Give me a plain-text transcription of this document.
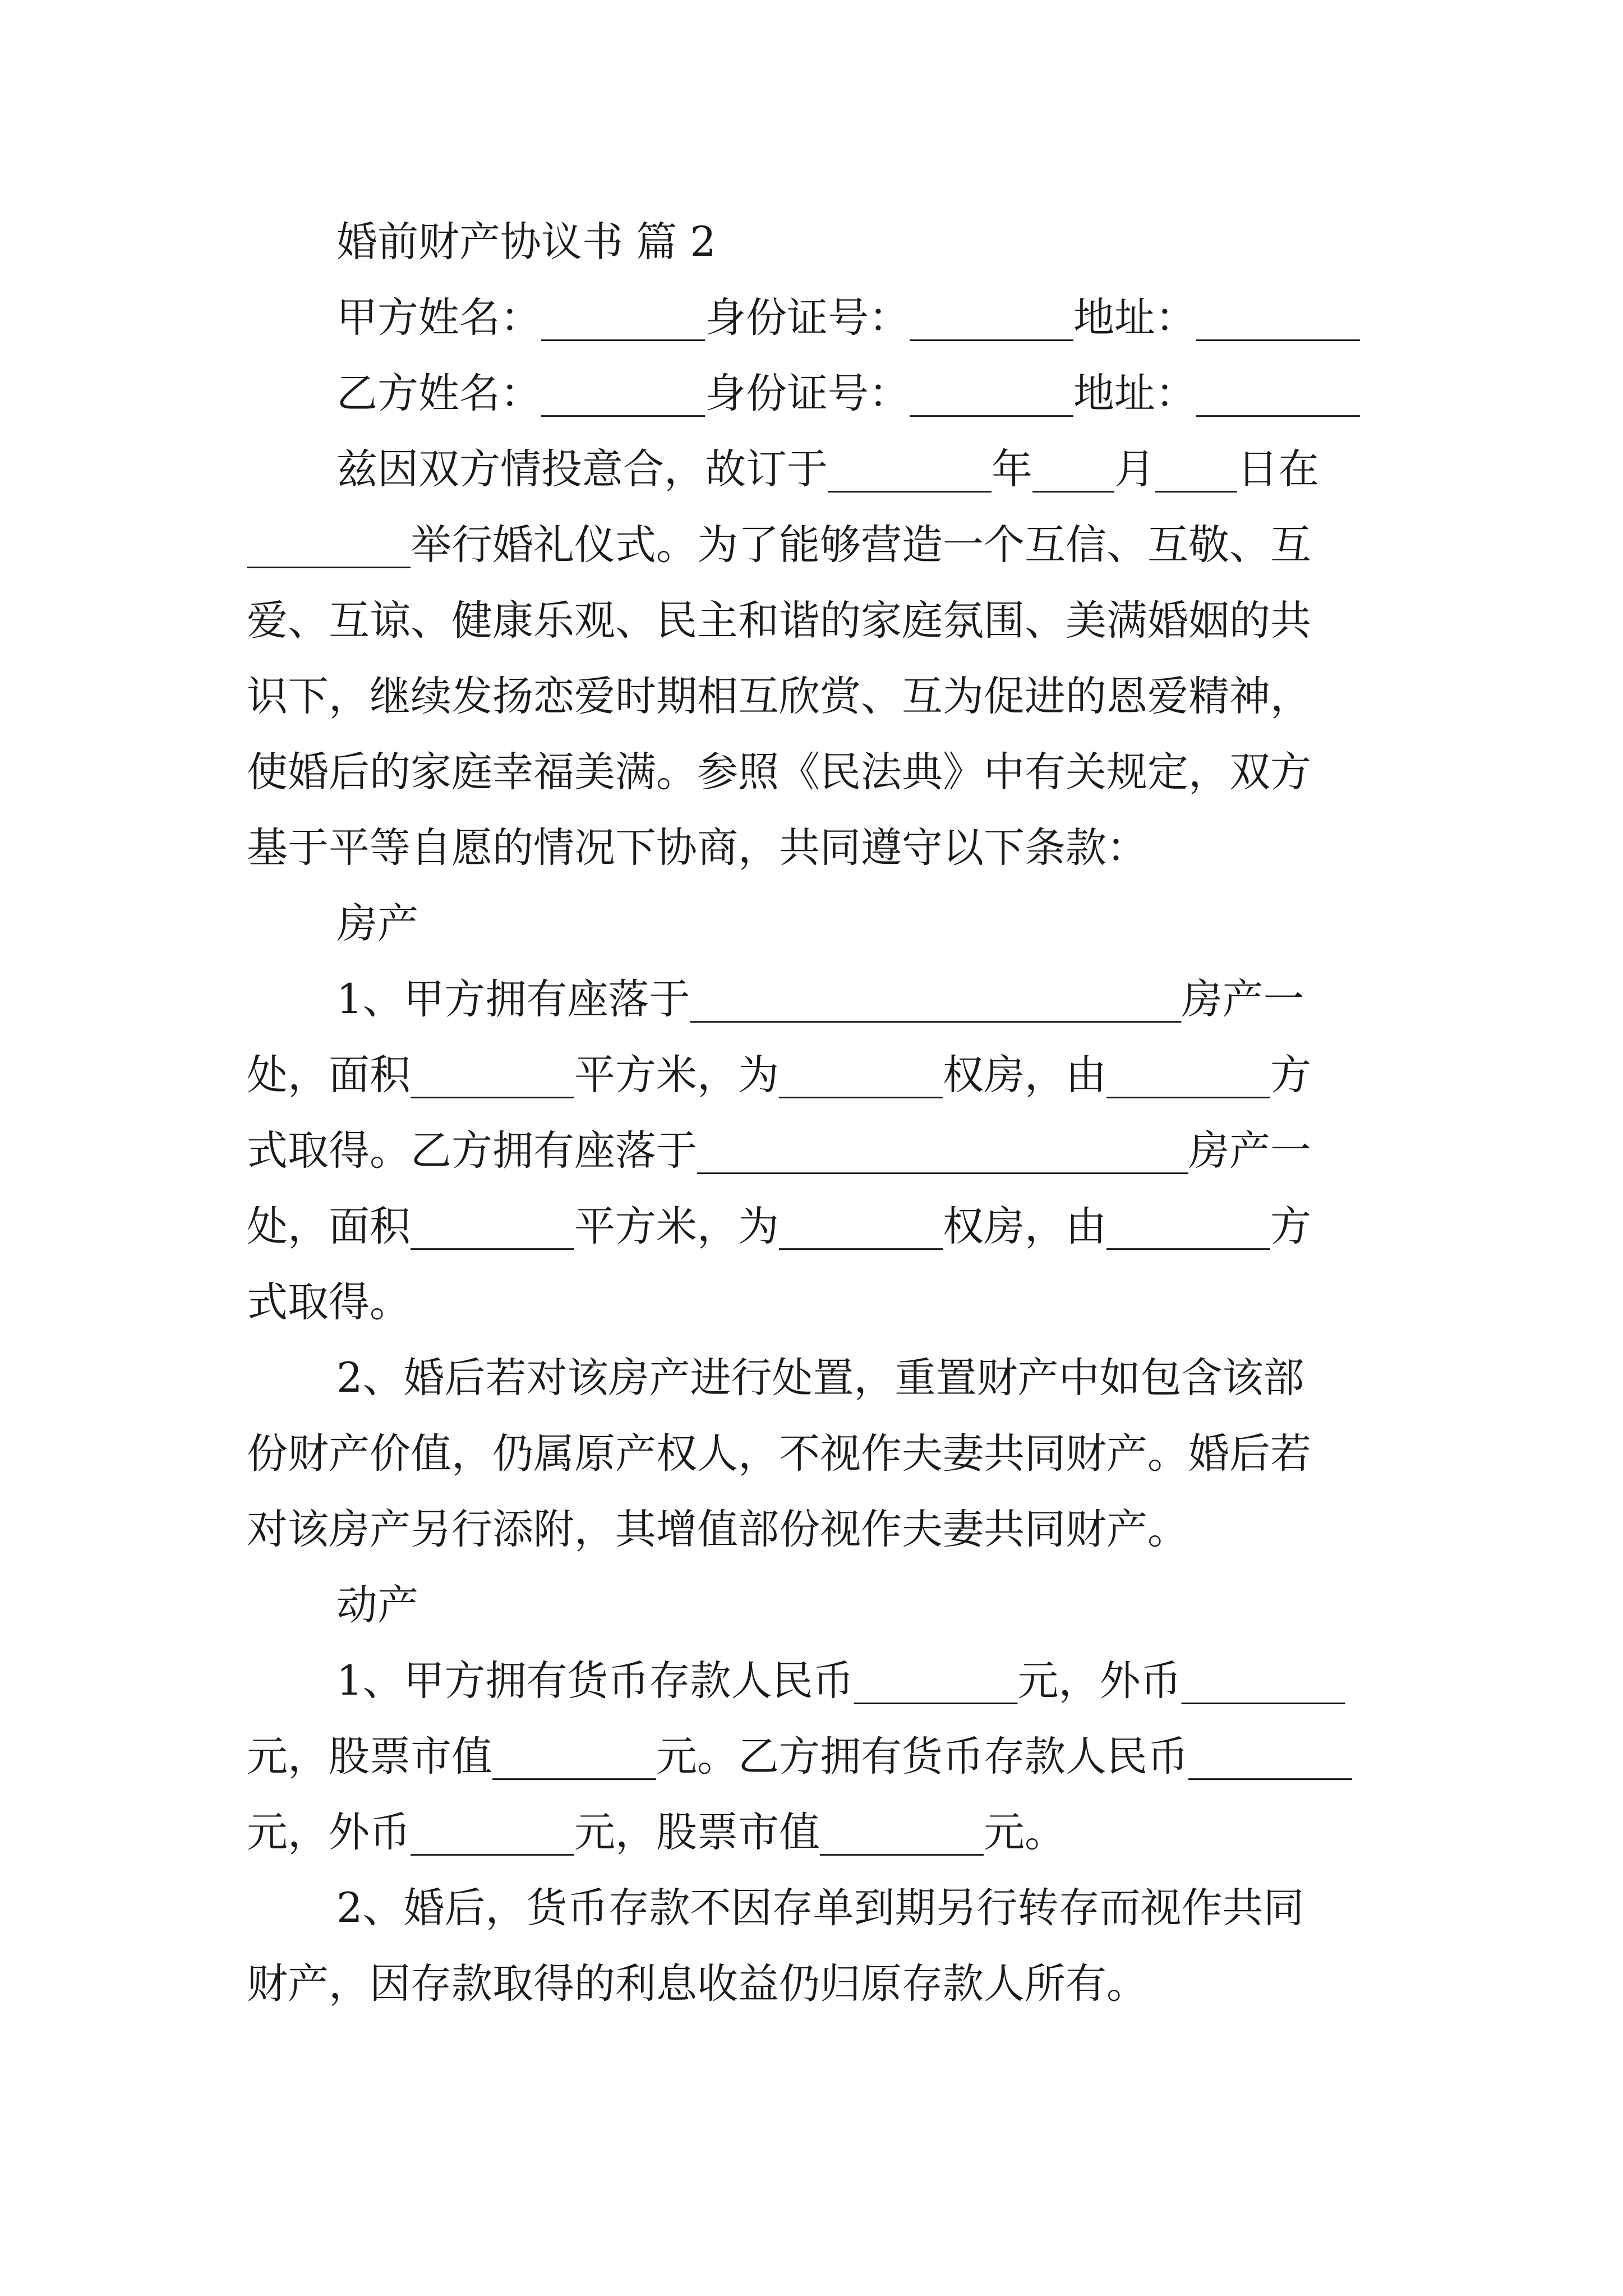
婚前财产协议书 篇 2
甲方姓名：________身份证号：________地址：________
乙方姓名：________身份证号：________地址：________
兹因双方情投意合，故订于________年____月____日在
________举行婚礼仪式。为了能够营造一个互信、互敬、互
爱、互谅、健康乐观、民主和谐的家庭氛围、美满婚姻的共
识下，继续发扬恋爱时期相互欣赏、互为促进的恩爱精神，
使婚后的家庭幸福美满。参照《民法典》中有关规定，双方
基于平等自愿的情况下协商，共同遵守以下条款：
房产
1、甲方拥有座落于________________________房产一
处，面积________平方米，为________权房，由________方
式取得。乙方拥有座落于________________________房产一
处，面积________平方米，为________权房，由________方
式取得。
2、婚后若对该房产进行处置，重置财产中如包含该部
份财产价值，仍属原产权人，不视作夫妻共同财产。婚后若
对该房产另行添附，其增值部份视作夫妻共同财产。
动产
1、甲方拥有货币存款人民币________元，外币________
元，股票市值________元。乙方拥有货币存款人民币________
元，外币________元，股票市值________元。
2、婚后，货币存款不因存单到期另行转存而视作共同
财产，因存款取得的利息收益仍归原存款人所有。
